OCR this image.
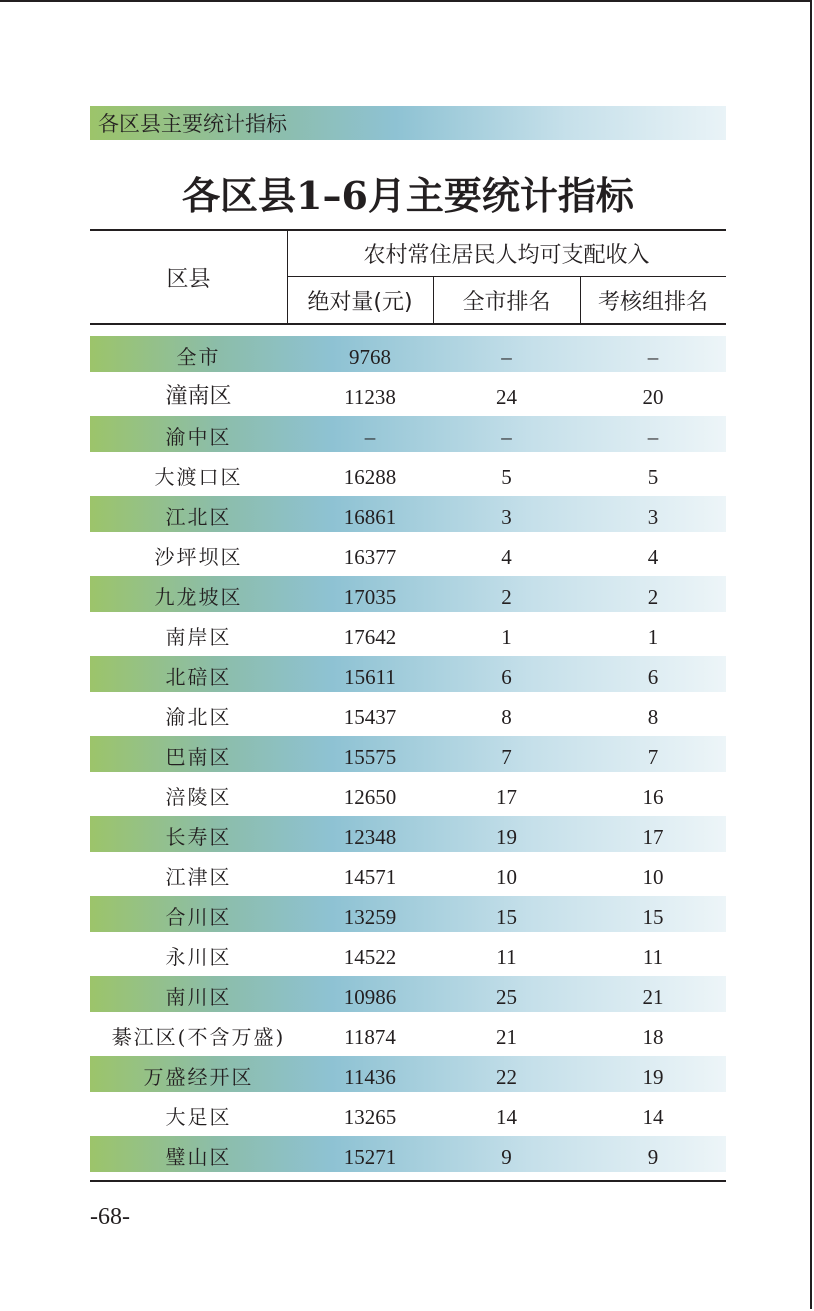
各区县主要统计指标
各区县1–6月主要统计指标
区县
农村常住居民人均可支配收入
绝对量(元)	全市排名	考核组排名
全市	9768	–	–
潼南区	11238	24	20
渝中区	–	–	–
大渡口区	16288	5	5
江北区	16861	3	3
沙坪坝区	16377	4	4
九龙坡区	17035	2	2
南岸区	17642	1	1
北碚区	15611	6	6
渝北区	15437	8	8
巴南区	15575	7	7
涪陵区	12650	17	16
长寿区	12348	19	17
江津区	14571	10	10
合川区	13259	15	15
永川区	14522	11	11
南川区	10986	25	21
綦江区(不含万盛)	11874	21	18
万盛经开区	11436	22	19
大足区	13265	14	14
璧山区	15271	9	9
-68-
